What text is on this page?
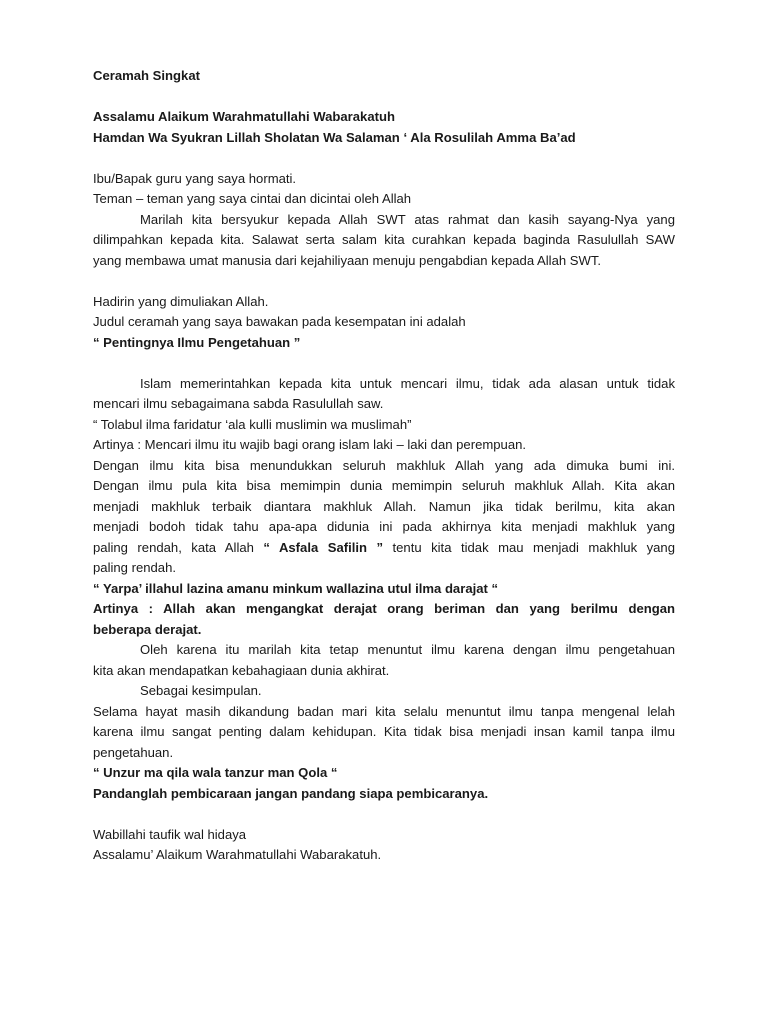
Ceramah Singkat
Assalamu Alaikum Warahmatullahi Wabarakatuh
Hamdan Wa Syukran Lillah Sholatan Wa Salaman ‘ Ala Rosulilah Amma Ba’ad
Ibu/Bapak guru yang saya hormati.
Teman – teman yang saya cintai dan dicintai oleh Allah
Marilah kita bersyukur kepada Allah SWT atas rahmat dan kasih sayang-Nya yang
dilimpahkan kepada kita. Salawat serta salam kita curahkan kepada baginda Rasulullah SAW
yang membawa umat manusia dari kejahiliyaan menuju pengabdian kepada Allah SWT.
Hadirin yang dimuliakan Allah.
Judul ceramah yang saya bawakan pada kesempatan ini adalah
“ Pentingnya Ilmu Pengetahuan ”
Islam memerintahkan kepada kita untuk mencari ilmu, tidak ada alasan untuk tidak
mencari ilmu sebagaimana sabda Rasulullah saw.
“ Tolabul ilma faridatur ‘ala kulli muslimin wa muslimah”
Artinya : Mencari ilmu itu wajib bagi orang islam laki – laki dan perempuan.
Dengan ilmu kita bisa menundukkan seluruh makhluk Allah yang ada dimuka bumi ini.
Dengan ilmu pula kita bisa memimpin dunia memimpin seluruh makhluk Allah. Kita akan
menjadi makhluk terbaik diantara makhluk Allah. Namun jika tidak berilmu, kita akan
menjadi bodoh tidak tahu apa-apa didunia ini pada akhirnya kita menjadi makhluk yang
paling rendah, kata Allah “ Asfala Safilin ” tentu kita tidak mau menjadi makhluk yang
paling rendah.
“ Yarpa’ illahul lazina amanu minkum wallazina utul ilma darajat “
Artinya : Allah akan mengangkat derajat orang beriman dan yang berilmu dengan
beberapa derajat.
Oleh karena itu marilah kita tetap menuntut ilmu karena dengan ilmu pengetahuan
kita akan mendapatkan kebahagiaan dunia akhirat.
Sebagai kesimpulan.
Selama hayat masih dikandung badan mari kita selalu menuntut ilmu tanpa mengenal lelah
karena ilmu sangat penting dalam kehidupan. Kita tidak bisa menjadi insan kamil tanpa ilmu
pengetahuan.
“ Unzur ma qila wala tanzur man Qola “
Pandanglah pembicaraan jangan pandang siapa pembicaranya.
Wabillahi taufik wal hidaya
Assalamu’ Alaikum Warahmatullahi Wabarakatuh.
